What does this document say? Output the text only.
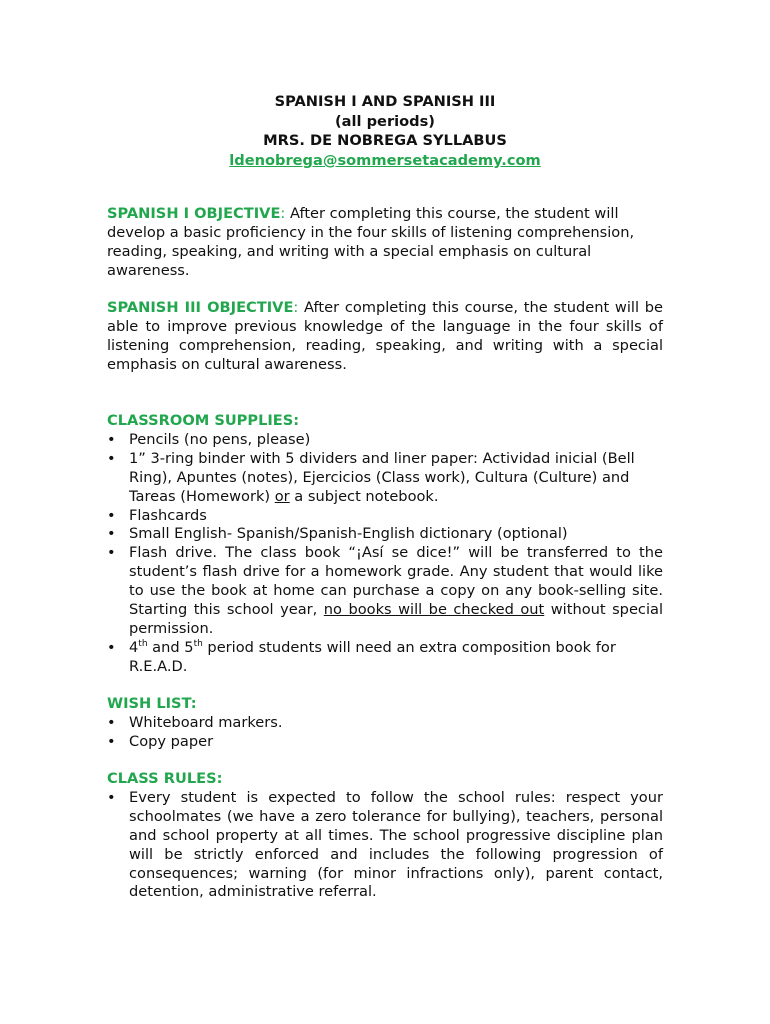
SPANISH I AND SPANISH III
(all periods)
MRS. DE NOBREGA SYLLABUS
ldenobrega@sommersetacademy.com
SPANISH I OBJECTIVE: After completing this course, the student will develop a basic proficiency in the four skills of listening comprehension, reading, speaking, and writing with a special emphasis on cultural awareness.
SPANISH III OBJECTIVE: After completing this course, the student will be able to improve previous knowledge of the language in the four skills of listening comprehension, reading, speaking, and writing with a special emphasis on cultural awareness.
CLASSROOM SUPPLIES:
• Pencils (no pens, please)
• 1” 3-ring binder with 5 dividers and liner paper: Actividad inicial (Bell Ring), Apuntes (notes), Ejercicios (Class work), Cultura (Culture) and Tareas (Homework) or a subject notebook.
• Flashcards
• Small English- Spanish/Spanish-English dictionary (optional)
• Flash drive. The class book “¡Así se dice!” will be transferred to the student’s flash drive for a homework grade. Any student that would like to use the book at home can purchase a copy on any book-selling site. Starting this school year, no books will be checked out without special permission.
• 4th and 5th period students will need an extra composition book for R.E.A.D.
WISH LIST:
• Whiteboard markers.
• Copy paper
CLASS RULES:
• Every student is expected to follow the school rules: respect your schoolmates (we have a zero tolerance for bullying), teachers, personal and school property at all times. The school progressive discipline plan will be strictly enforced and includes the following progression of consequences; warning (for minor infractions only), parent contact, detention, administrative referral.
